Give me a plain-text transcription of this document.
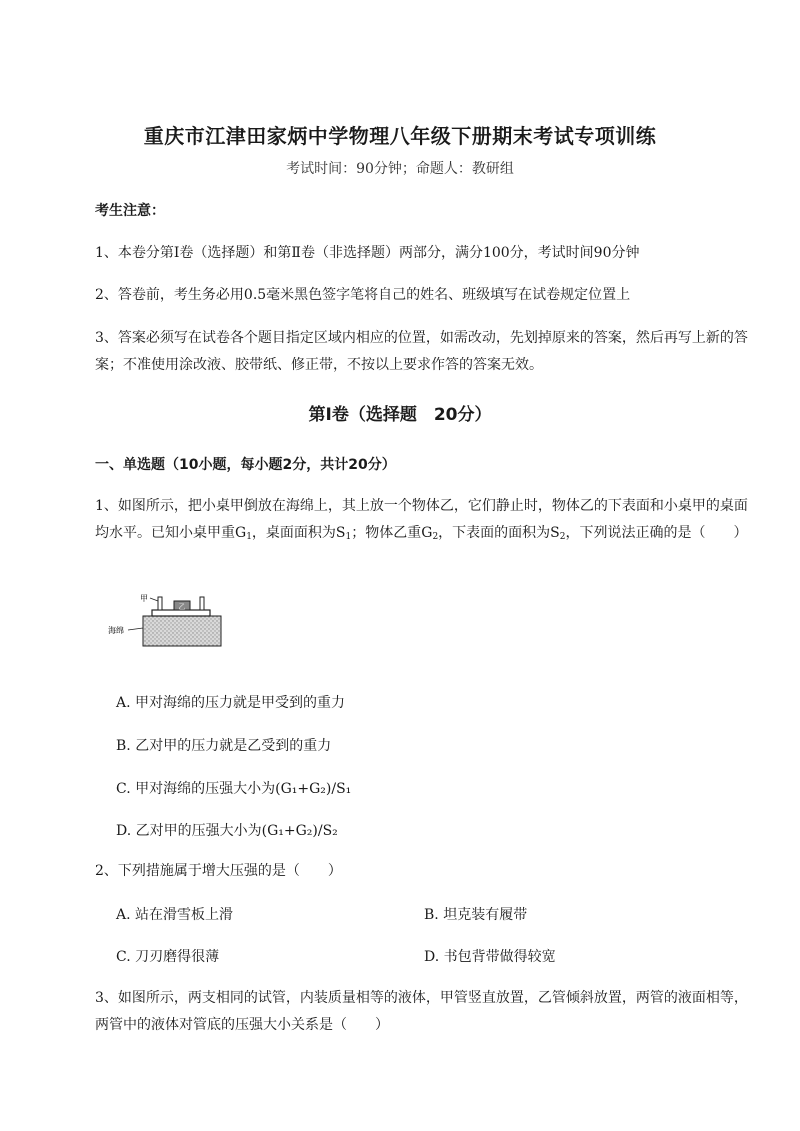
重庆市江津田家炳中学物理八年级下册期末考试专项训练
考试时间：90分钟；命题人：教研组
考生注意：
1、本卷分第I卷（选择题）和第Ⅱ卷（非选择题）两部分，满分100分，考试时间90分钟
2、答卷前，考生务必用0.5毫米黑色签字笔将自己的姓名、班级填写在试卷规定位置上
3、答案必须写在试卷各个题目指定区域内相应的位置，如需改动，先划掉原来的答案，然后再写上新的答案；不准使用涂改液、胶带纸、修正带，不按以上要求作答的答案无效。
第I卷（选择题　20分）
一、单选题（10小题，每小题2分，共计20分）
1、如图所示，把小桌甲倒放在海绵上，其上放一个物体乙，它们静止时，物体乙的下表面和小桌甲的桌面均水平。已知小桌甲重$G_1$，桌面面积为$S_1$；物体乙重$G_2$，下表面的面积为$S_2$，下列说法正确的是（　　）
乙
甲
海绵
A. 甲对海绵的压力就是甲受到的重力
B. 乙对甲的压力就是乙受到的重力
C. 甲对海绵的压强大小为(G₁+G₂)/S₁
D. 乙对甲的压强大小为(G₁+G₂)/S₂
2、下列措施属于增大压强的是（　　）
A. 站在滑雪板上滑	B. 坦克装有履带
C. 刀刃磨得很薄	D. 书包背带做得较宽
3、如图所示，两支相同的试管，内装质量相等的液体，甲管竖直放置，乙管倾斜放置，两管的液面相等，两管中的液体对管底的压强大小关系是（　　）
